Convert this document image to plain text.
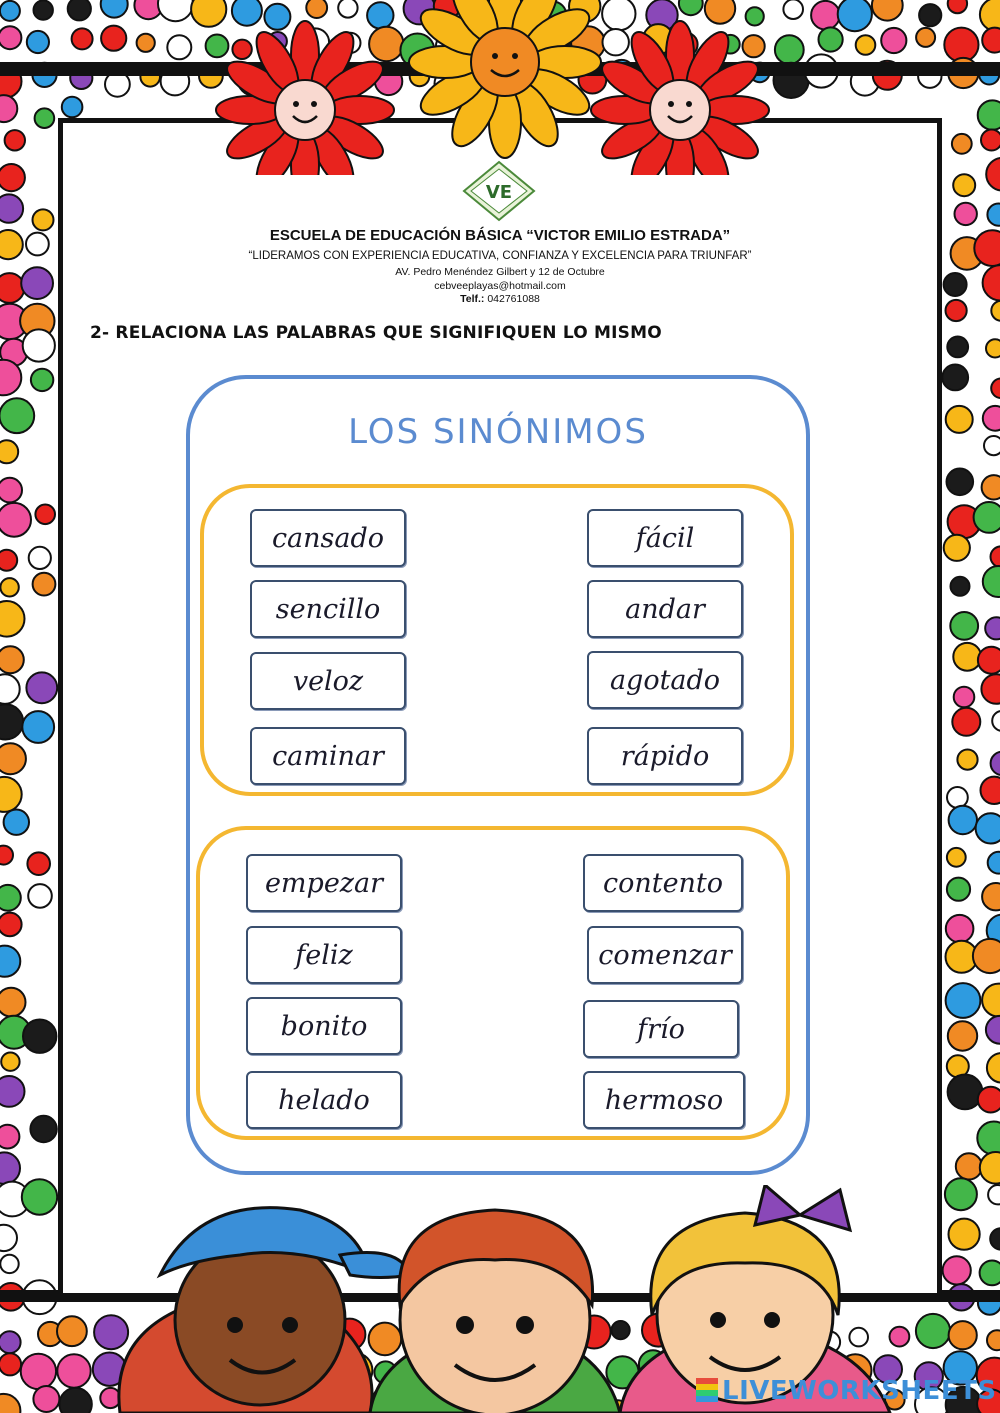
VE
ESCUELA DE EDUCACIÓN BÁSICA “VICTOR EMILIO ESTRADA”
“LIDERAMOS CON EXPERIENCIA EDUCATIVA, CONFIANZA Y EXCELENCIA PARA TRIUNFAR”
AV. Pedro Menéndez Gilbert y 12 de Octubre
cebveeplayas@hotmail.com
Telf.: 042761088
2- RELACIONA LAS PALABRAS QUE SIGNIFIQUEN LO MISMO
LOS SINÓNIMOS
cansado
sencillo
veloz
caminar
fácil
andar
agotado
rápido
empezar
feliz
bonito
helado
contento
comenzar
frío
hermoso
LIVEWORKSHEETS
